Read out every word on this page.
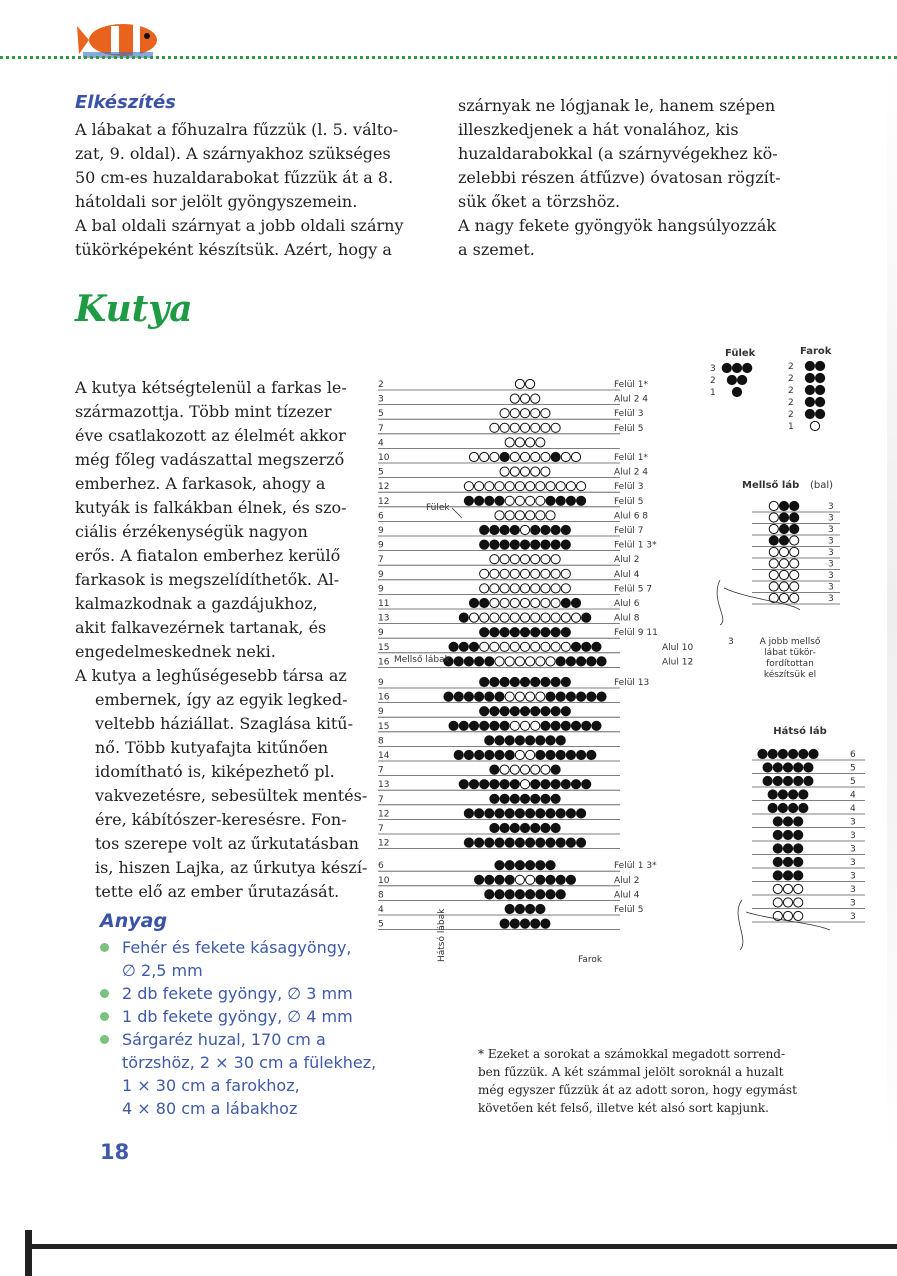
Elkészítés

A lábakat a főhuzalra fűzzük (l. 5. válto-

zat, 9. oldal). A szárnyakhoz szükséges

50 cm-es huzaldarabokat fűzzük át a 8.

hátoldali sor jelölt gyöngyszemein.

A bal oldali szárnyat a jobb oldali szárny

tükörképeként készítsük. Azért, hogy a

szárnyak ne lógjanak le, hanem szépen

illeszkedjenek a hát vonalához, kis

huzaldarabokkal (a szárnyvégekhez kö-

zelebbi részen átfűzve) óvatosan rögzít-

sük őket a törzshöz.

A nagy fekete gyöngyök hangsúlyozzák

a szemet.

Kutya

A kutya kétségtelenül a farkas le-

származottja. Több mint tízezer

éve csatlakozott az élelmét akkor

még főleg vadászattal megszerző

emberhez. A farkasok, ahogy a

kutyák is falkákban élnek, és szo-

ciális érzékenységük nagyon

erős. A fiatalon emberhez kerülő

farkasok is megszelídíthetők. Al-

kalmazkodnak a gazdájukhoz,

akit falkavezérnek tartanak, és

engedelmeskednek neki.

A kutya a leghűségesebb társa az

embernek, így az egyik legked-

veltebb háziállat. Szaglása kitű-

nő. Több kutyafajta kitűnően

idomítható is, kiképezhető pl.

vakvezetésre, sebesültek mentés-

ére, kábítószer-keresésre. Fon-

tos szerepe volt az űrkutatásban

is, hiszen Lajka, az űrkutya készí-

tette elő az ember űrutazását.

Anyag
Fehér és fekete kásagyöngy,
∅ 2,5 mm
2 db fekete gyöngy, ∅ 3 mm
1 db fekete gyöngy, ∅ 4 mm
Sárgaréz huzal, 170 cm a
törzshöz, 2 × 30 cm a fülekhez,
1 × 30 cm a farokhoz,
4 × 80 cm a lábakhoz
18

* Ezeket a sorokat a számokkal megadott sorrend-

ben fűzzük. A két számmal jelölt soroknál a huzalt

még egyszer fűzzük át az adott soron, hogy egymást

követően két felső, illetve két alsó sort kapjunk.

2	Felül 1*
3	Alul 2 4
5	Felül 3
7	Felül 5
4
10	Felül 1*
5	Alul 2 4
12	Felül 3
12	Felül 5
6	Alul 6 8
9	Felül 7
9	Felül 1 3*
7	Alul 2
9	Alul 4
9	Felül 5 7
11	Alul 6
13	Alul 8
9	Felül 9 11
15	Alul 10
16	Alul 12
9	Felül 13
16
9
15
8
14
7
13
7
12
7
12
6	Felül 1 3*
10	Alul 2
8	Alul 4
4	Felül 5
5
Fülek
Mellső lábak
Hátsó lábak	Farok
Fülek
3
2
1
Farok
2
2
2
2
2
1
Mellső láb (bal)
3
3
3
3
3
3
3
3
3
3	A jobb mellső
lábat tükör-
fordítottan
készítsük el
Hátsó láb
6
5
5
4
4
3
3
3
3
3
3
3
3
